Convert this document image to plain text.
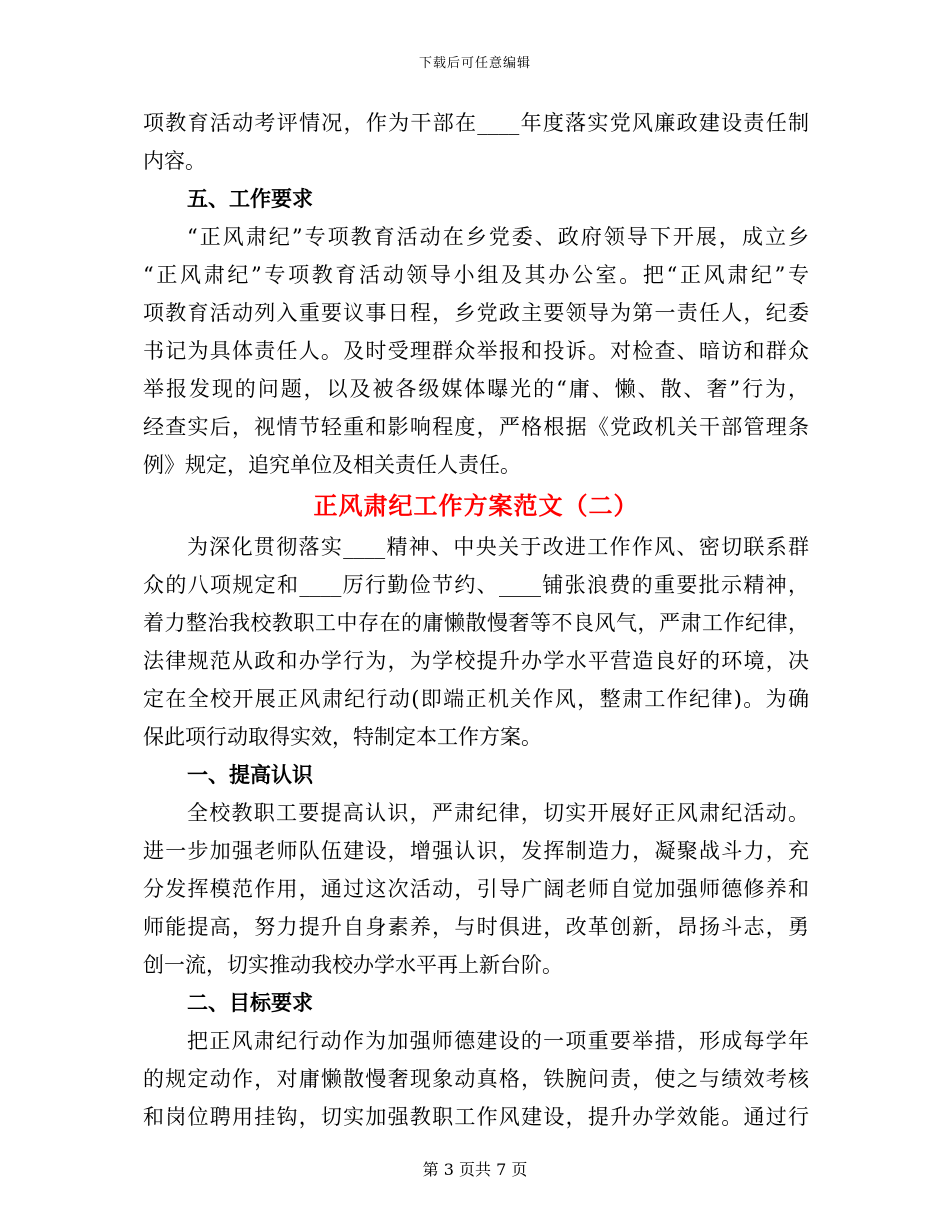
下载后可任意编辑
项教育活动考评情况，作为干部在____年度落实党风廉政建设责任制
内容。
五、工作要求
“正风肃纪”专项教育活动在乡党委、政府领导下开展，成立乡
“正风肃纪”专项教育活动领导小组及其办公室。把“正风肃纪”专
项教育活动列入重要议事日程，乡党政主要领导为第一责任人，纪委
书记为具体责任人。及时受理群众举报和投诉。对检查、暗访和群众
举报发现的问题，以及被各级媒体曝光的“庸、懒、散、奢”行为，
经查实后，视情节轻重和影响程度，严格根据《党政机关干部管理条
例》规定，追究单位及相关责任人责任。
正风肃纪工作方案范文（二）
为深化贯彻落实____精神、中央关于改进工作作风、密切联系群
众的八项规定和____厉行勤俭节约、____铺张浪费的重要批示精神，
着力整治我校教职工中存在的庸懒散慢奢等不良风气，严肃工作纪律，
法律规范从政和办学行为，为学校提升办学水平营造良好的环境，决
定在全校开展正风肃纪行动(即端正机关作风，整肃工作纪律)。为确
保此项行动取得实效，特制定本工作方案。
一、提高认识
全校教职工要提高认识，严肃纪律，切实开展好正风肃纪活动。
进一步加强老师队伍建设，增强认识，发挥制造力，凝聚战斗力，充
分发挥模范作用，通过这次活动，引导广阔老师自觉加强师德修养和
师能提高，努力提升自身素养，与时俱进，改革创新，昂扬斗志，勇
创一流，切实推动我校办学水平再上新台阶。
二、目标要求
把正风肃纪行动作为加强师德建设的一项重要举措，形成每学年
的规定动作，对庸懒散慢奢现象动真格，铁腕问责，使之与绩效考核
和岗位聘用挂钩，切实加强教职工作风建设，提升办学效能。通过行
第 3 页共 7 页
